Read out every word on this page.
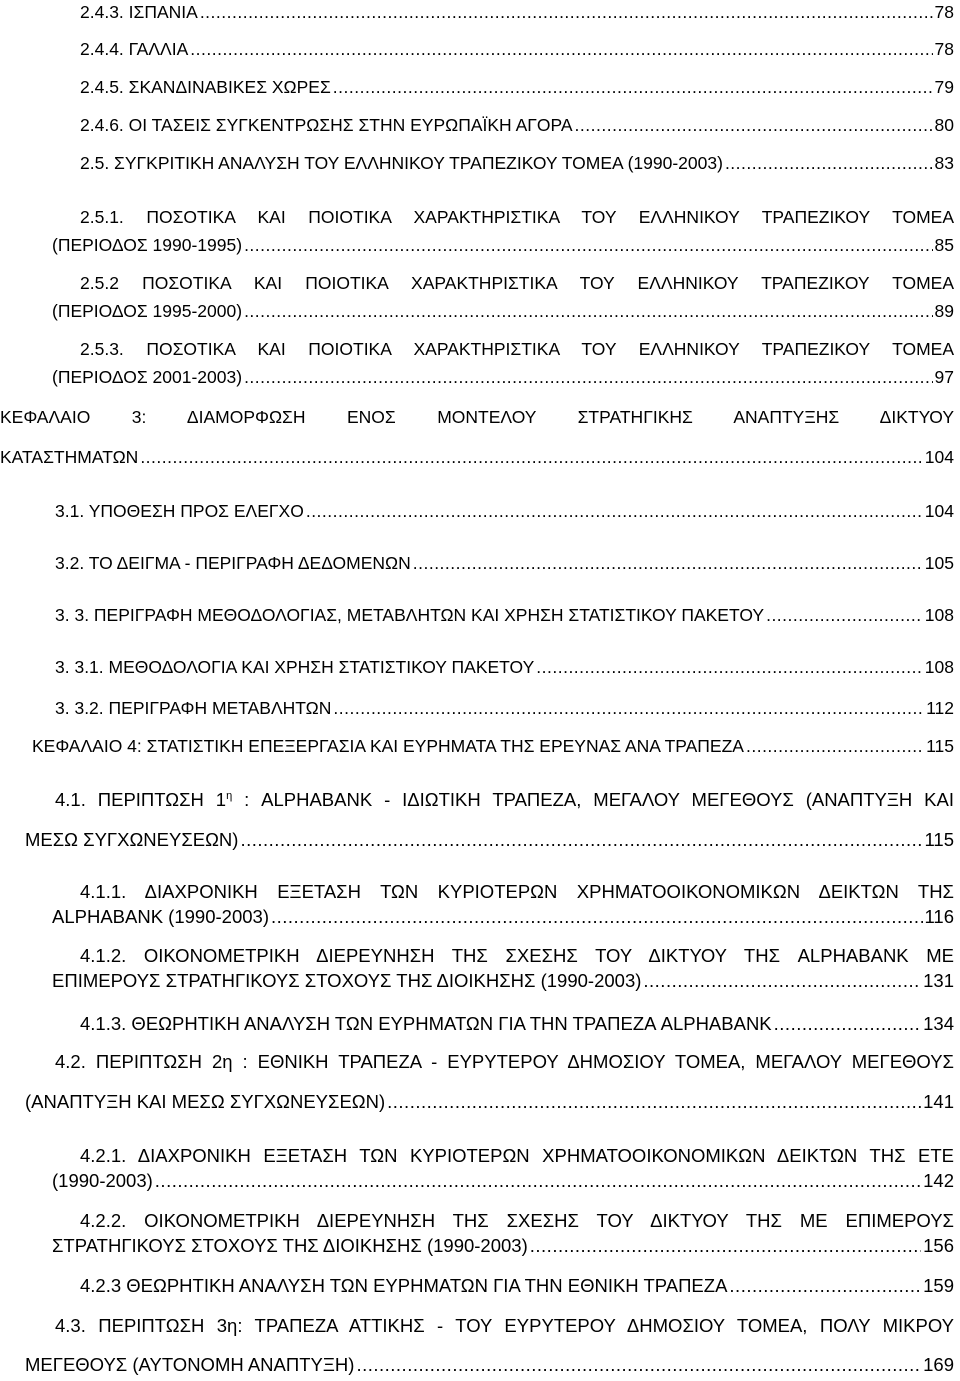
2.4.3. ΙΣΠΑΝΙΑ .....	78
2.4.4. ΓΑΛΛΙΑ .....	78
2.4.5. ΣΚΑΝΔΙΝΑΒΙΚΕΣ ΧΩΡΕΣ .....	79
2.4.6. ΟΙ ΤΑΣΕΙΣ ΣΥΓΚΕΝΤΡΩΣΗΣ ΣΤΗΝ ΕΥΡΩΠΑΪΚΗ ΑΓΟΡΑ .....	80
2.5. ΣΥΓΚΡΙΤΙΚΗ ΑΝΑΛΥΣΗ ΤΟΥ ΕΛΛΗΝΙΚΟΥ ΤΡΑΠΕΖΙΚΟΥ ΤΟΜΕΑ (1990-2003) .....	83
2.5.1. ΠΟΣΟΤΙΚΑ ΚΑΙ ΠΟΙΟΤΙΚΑ ΧΑΡΑΚΤΗΡΙΣΤΙΚΑ ΤΟΥ ΕΛΛΗΝΙΚΟΥ ΤΡΑΠΕΖΙΚΟΥ ΤΟΜΕΑ
(ΠΕΡΙΟΔΟΣ 1990-1995) .....	85
2.5.2 ΠΟΣΟΤΙΚΑ ΚΑΙ ΠΟΙΟΤΙΚΑ ΧΑΡΑΚΤΗΡΙΣΤΙΚΑ ΤΟΥ ΕΛΛΗΝΙΚΟΥ ΤΡΑΠΕΖΙΚΟΥ ΤΟΜΕΑ
(ΠΕΡΙΟΔΟΣ 1995-2000) .....	89
2.5.3. ΠΟΣΟΤΙΚΑ ΚΑΙ ΠΟΙΟΤΙΚΑ ΧΑΡΑΚΤΗΡΙΣΤΙΚΑ ΤΟΥ ΕΛΛΗΝΙΚΟΥ ΤΡΑΠΕΖΙΚΟΥ ΤΟΜΕΑ
(ΠΕΡΙΟΔΟΣ 2001-2003) .....	97
ΚΕΦΑΛΑΙΟ 3: ΔΙΑΜΟΡΦΩΣΗ ΕΝΟΣ ΜΟΝΤΕΛΟΥ ΣΤΡΑΤΗΓΙΚΗΣ ΑΝΑΠΤΥΞΗΣ ΔΙΚΤΥΟΥ
ΚΑΤΑΣΤΗΜΑΤΩΝ .....	104
3.1. ΥΠΟΘΕΣΗ ΠΡΟΣ ΕΛΕΓΧΟ .....	104
3.2. ΤΟ ΔΕΙΓΜΑ - ΠΕΡΙΓΡΑΦΗ ΔΕΔΟΜΕΝΩΝ .....	105
3. 3. ΠΕΡΙΓΡΑΦΗ ΜΕΘΟΔΟΛΟΓΙΑΣ, ΜΕΤΑΒΛΗΤΩΝ ΚΑΙ ΧΡΗΣΗ ΣΤΑΤΙΣΤΙΚΟΥ ΠΑΚΕΤΟΥ .....	108
3. 3.1. ΜΕΘΟΔΟΛΟΓΙΑ ΚΑΙ ΧΡΗΣΗ ΣΤΑΤΙΣΤΙΚΟΥ ΠΑΚΕΤΟΥ .....	108
3. 3.2. ΠΕΡΙΓΡΑΦΗ ΜΕΤΑΒΛΗΤΩΝ .....	112
ΚΕΦΑΛΑΙΟ 4: ΣΤΑΤΙΣΤΙΚΗ ΕΠΕΞΕΡΓΑΣΙΑ ΚΑΙ ΕΥΡΗΜΑΤΑ ΤΗΣ ΕΡΕΥΝΑΣ ΑΝΑ ΤΡΑΠΕΖΑ .....	115
4.1. ΠΕΡΙΠΤΩΣΗ $1^\eta$ : ALPHABANK - ΙΔΙΩΤΙΚΗ ΤΡΑΠΕΖΑ, ΜΕΓΑΛΟΥ ΜΕΓΕΘΟΥΣ (ΑΝΑΠΤΥΞΗ ΚΑΙ
ΜΕΣΩ ΣΥΓΧΩΝΕΥΣΕΩΝ) .....	115
4.1.1. ΔΙΑΧΡΟΝΙΚΗ ΕΞΕΤΑΣΗ ΤΩΝ ΚΥΡΙΟΤΕΡΩΝ ΧΡΗΜΑΤΟΟΙΚΟΝΟΜΙΚΩΝ ΔΕΙΚΤΩΝ ΤΗΣ
ALPHABANK (1990-2003) .....	116
4.1.2. ΟΙΚΟΝΟΜΕΤΡΙΚΗ ΔΙΕΡΕΥΝΗΣΗ ΤΗΣ ΣΧΕΣΗΣ ΤΟΥ ΔΙΚΤΥΟΥ ΤΗΣ ALPHABANK ΜΕ
ΕΠΙΜΕΡΟΥΣ ΣΤΡΑΤΗΓΙΚΟΥΣ ΣΤΟΧΟΥΣ ΤΗΣ ΔΙΟΙΚΗΣΗΣ (1990-2003) .....	131
4.1.3. ΘΕΩΡΗΤΙΚΗ ΑΝΑΛΥΣΗ ΤΩΝ ΕΥΡΗΜΑΤΩΝ ΓΙΑ ΤΗΝ ΤΡΑΠΕΖΑ ALPHABANK .....	134
4.2. ΠΕΡΙΠΤΩΣΗ 2η : ΕΘΝΙΚΗ ΤΡΑΠΕΖΑ - ΕΥΡΥΤΕΡΟΥ ΔΗΜΟΣΙΟΥ ΤΟΜΕΑ, ΜΕΓΑΛΟΥ ΜΕΓΕΘΟΥΣ
(ΑΝΑΠΤΥΞΗ ΚΑΙ ΜΕΣΩ ΣΥΓΧΩΝΕΥΣΕΩΝ) .....	141
4.2.1. ΔΙΑΧΡΟΝΙΚΗ ΕΞΕΤΑΣΗ ΤΩΝ ΚΥΡΙΟΤΕΡΩΝ ΧΡΗΜΑΤΟΟΙΚΟΝΟΜΙΚΩΝ ΔΕΙΚΤΩΝ ΤΗΣ ΕΤΕ
(1990-2003) .....	142
4.2.2. ΟΙΚΟΝΟΜΕΤΡΙΚΗ ΔΙΕΡΕΥΝΗΣΗ ΤΗΣ ΣΧΕΣΗΣ ΤΟΥ ΔΙΚΤΥΟΥ ΤΗΣ ΜΕ ΕΠΙΜΕΡΟΥΣ
ΣΤΡΑΤΗΓΙΚΟΥΣ ΣΤΟΧΟΥΣ ΤΗΣ ΔΙΟΙΚΗΣΗΣ (1990-2003) .....	156
4.2.3 ΘΕΩΡΗΤΙΚΗ ΑΝΑΛΥΣΗ ΤΩΝ ΕΥΡΗΜΑΤΩΝ ΓΙΑ ΤΗΝ ΕΘΝΙΚΗ ΤΡΑΠΕΖΑ .....	159
4.3. ΠΕΡΙΠΤΩΣΗ 3η: ΤΡΑΠΕΖΑ ΑΤΤΙΚΗΣ - ΤΟΥ ΕΥΡΥΤΕΡΟΥ ΔΗΜΟΣΙΟΥ ΤΟΜΕΑ, ΠΟΛΥ ΜΙΚΡΟΥ
ΜΕΓΕΘΟΥΣ (ΑΥΤΟΝΟΜΗ ΑΝΑΠΤΥΞΗ) .....	169
